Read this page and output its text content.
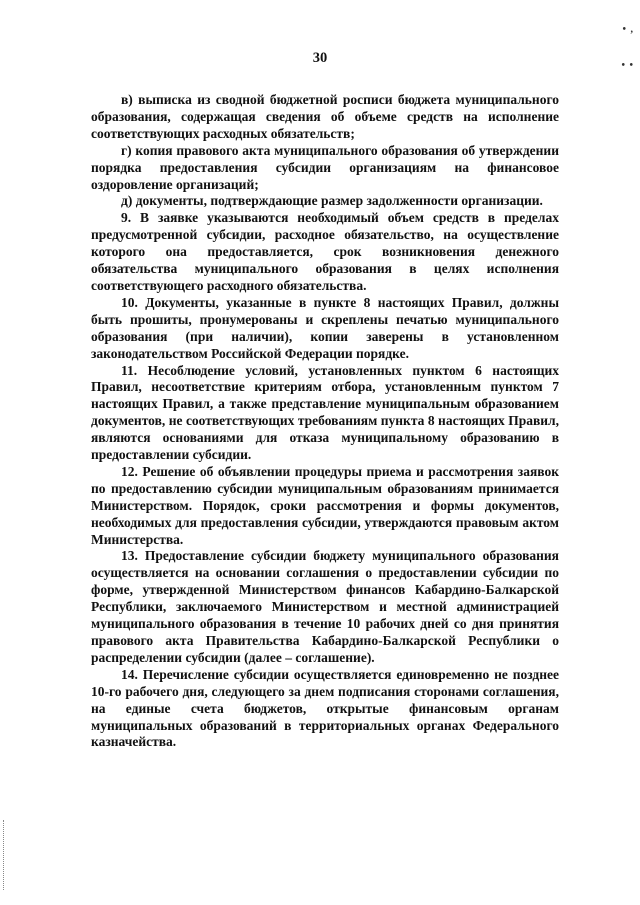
• ,
• •
30

в) выписка из сводной бюджетной росписи бюджета муниципального образования, содержащая сведения об объеме средств на исполнение соответствующих расходных обязательств;

г) копия правового акта муниципального образования об утверждении порядка предоставления субсидии организациям на финансовое оздоровление организаций;

д) документы, подтверждающие размер задолженности организации.

9. В заявке указываются необходимый объем средств в пределах предусмотренной субсидии, расходное обязательство, на осуществление которого она предоставляется, срок возникновения денежного обязательства муниципального образования в целях исполнения соответствующего расходного обязательства.

10. Документы, указанные в пункте 8 настоящих Правил, должны быть прошиты, пронумерованы и скреплены печатью муниципального образования (при наличии), копии заверены в установленном законодательством Российской Федерации порядке.

11. Несоблюдение условий, установленных пунктом 6 настоящих Правил, несоответствие критериям отбора, установленным пунктом 7 настоящих Правил, а также представление муниципальным образованием документов, не соответствующих требованиям пункта 8 настоящих Правил, являются основаниями для отказа муниципальному образованию в предоставлении субсидии.

12. Решение об объявлении процедуры приема и рассмотрения заявок по предоставлению субсидии муниципальным образованиям принимается Министерством. Порядок, сроки рассмотрения и формы документов, необходимых для предоставления субсидии, утверждаются правовым актом Министерства.

13. Предоставление субсидии бюджету муниципального образования осуществляется на основании соглашения о предоставлении субсидии по форме, утвержденной Министерством финансов Кабардино-Балкарской Республики, заключаемого Министерством и местной администрацией муниципального образования в течение 10 рабочих дней со дня принятия правового акта Правительства Кабардино-Балкарской Республики о распределении субсидии (далее – соглашение).

14. Перечисление субсидии осуществляется единовременно не позднее 10-го рабочего дня, следующего за днем подписания сторонами соглашения, на единые счета бюджетов, открытые финансовым органам муниципальных образований в территориальных органах Федерального казначейства.
